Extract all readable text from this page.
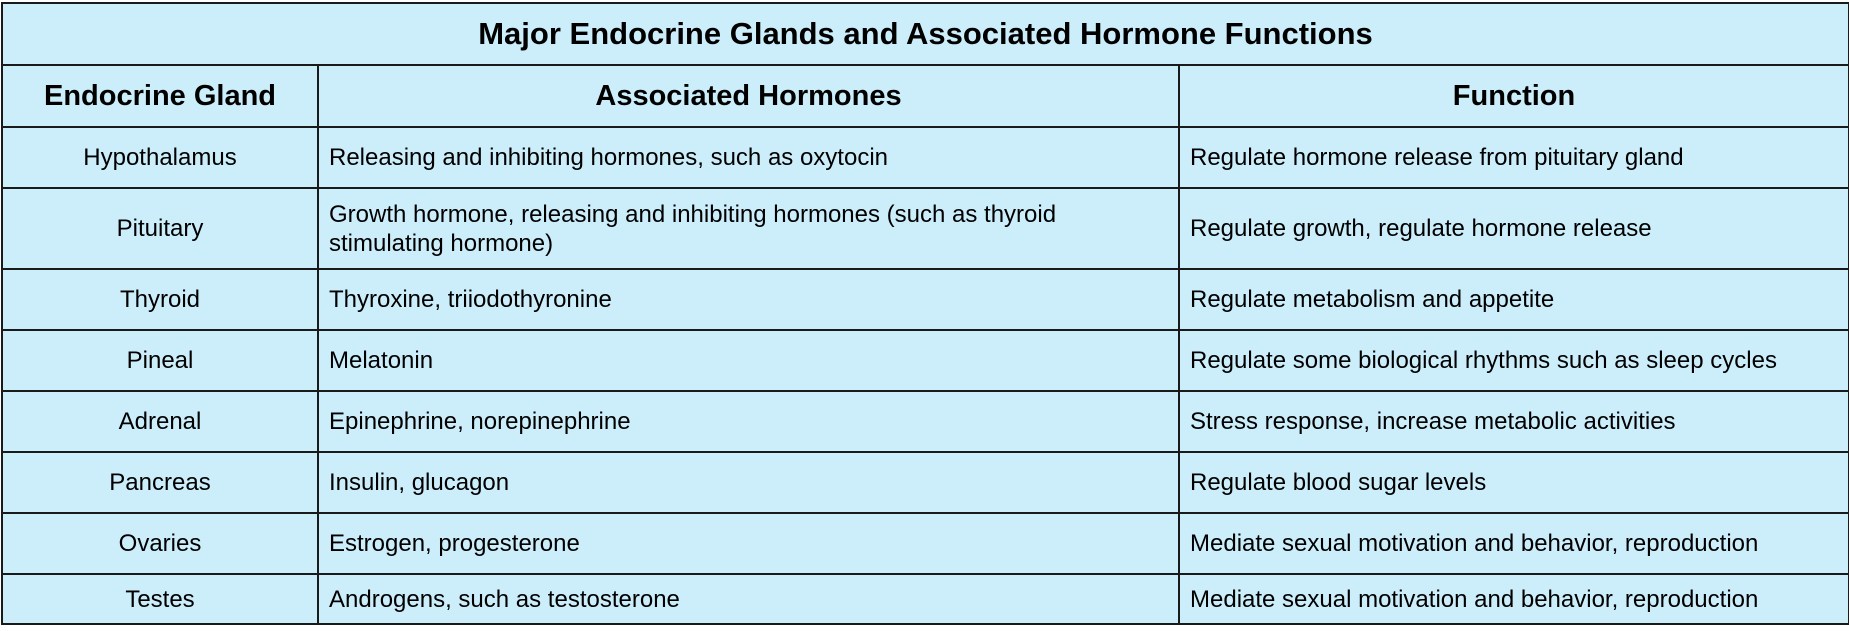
Major Endocrine Glands and Associated Hormone Functions		
Endocrine Gland	Associated Hormones	Function
Hypothalamus	Releasing and inhibiting hormones, such as oxytocin	Regulate hormone release from pituitary gland
Pituitary	Growth hormone, releasing and inhibiting hormones (such as thyroid stimulating hormone)	Regulate growth, regulate hormone release
Thyroid	Thyroxine, triiodothyronine	Regulate metabolism and appetite
Pineal	Melatonin	Regulate some biological rhythms such as sleep cycles
Adrenal	Epinephrine, norepinephrine	Stress response, increase metabolic activities
Pancreas	Insulin, glucagon	Regulate blood sugar levels
Ovaries	Estrogen, progesterone	Mediate sexual motivation and behavior, reproduction
Testes	Androgens, such as testosterone	Mediate sexual motivation and behavior, reproduction
